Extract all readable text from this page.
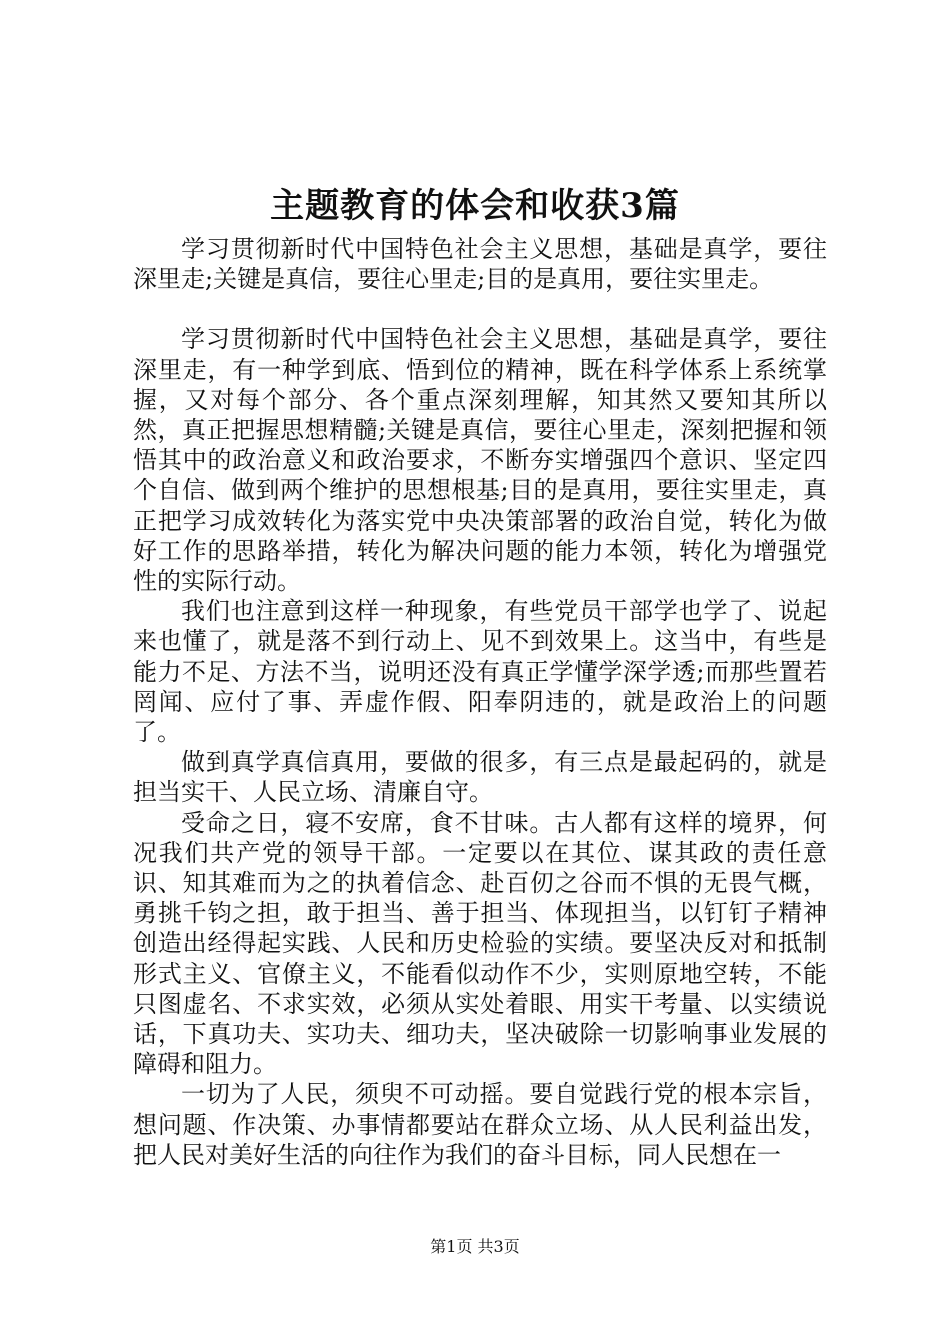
主题教育的体会和收获3篇

学习贯彻新时代中国特色社会主义思想，基础是真学，要往深里走;关键是真信，要往心里走;目的是真用，要往实里走。

学习贯彻新时代中国特色社会主义思想，基础是真学，要往深里走，有一种学到底、悟到位的精神，既在科学体系上系统掌握，又对每个部分、各个重点深刻理解，知其然又要知其所以然，真正把握思想精髓;关键是真信，要往心里走，深刻把握和领悟其中的政治意义和政治要求，不断夯实增强四个意识、坚定四个自信、做到两个维护的思想根基;目的是真用，要往实里走，真正把学习成效转化为落实党中央决策部署的政治自觉，转化为做好工作的思路举措，转化为解决问题的能力本领，转化为增强党性的实际行动。

我们也注意到这样一种现象，有些党员干部学也学了、说起来也懂了，就是落不到行动上、见不到效果上。这当中，有些是能力不足、方法不当，说明还没有真正学懂学深学透;而那些置若罔闻、应付了事、弄虚作假、阳奉阴违的，就是政治上的问题了。

做到真学真信真用，要做的很多，有三点是最起码的，就是担当实干、人民立场、清廉自守。

受命之日，寝不安席，食不甘味。古人都有这样的境界，何况我们共产党的领导干部。一定要以在其位、谋其政的责任意识、知其难而为之的执着信念、赴百仞之谷而不惧的无畏气概，勇挑千钧之担，敢于担当、善于担当、体现担当，以钉钉子精神创造出经得起实践、人民和历史检验的实绩。要坚决反对和抵制形式主义、官僚主义，不能看似动作不少，实则原地空转，不能只图虚名、不求实效，必须从实处着眼、用实干考量、以实绩说话，下真功夫、实功夫、细功夫，坚决破除一切影响事业发展的障碍和阻力。

一切为了人民，须臾不可动摇。要自觉践行党的根本宗旨，想问题、作决策、办事情都要站在群众立场、从人民利益出发，把人民对美好生活的向往作为我们的奋斗目标，同人民想在一

第1页 共3页
